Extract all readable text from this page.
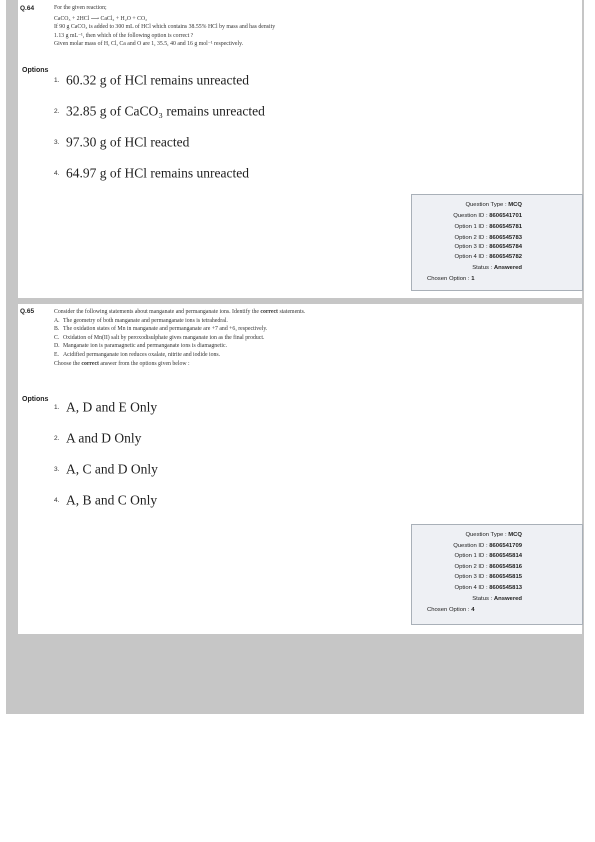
Q.64	For the given reaction;
CaCO₃ + 2HCl ⟶ CaCl₂ + H₂O + CO₂
If 90 g CaCO₃ is added to 300 mL of HCl which contains 38.55% HCl by mass and has density
1.13 g mL⁻¹, then which of the following option is correct ?
Given molar mass of H, Cl, Ca and O are 1, 35.5, 40 and 16 g mol⁻¹ respectively.
Options
1. 60.32 g of HCl remains unreacted
2. 32.85 g of CaCO₃ remains unreacted
3. 97.30 g of HCl reacted
4. 64.97 g of HCl remains unreacted
Question Type : MCQ
Question ID : 8606541701
Option 1 ID : 8606545781
Option 2 ID : 8606545783
Option 3 ID : 8606545784
Option 4 ID : 8606545782
Status : Answered
Chosen Option : 1
Q.65	Consider the following statements about manganate and permanganate ions. Identify the correct statements.
A. The geometry of both manganate and permanganate ions is tetrahedral.
B. The oxidation states of Mn in manganate and permanganate are +7 and +6, respectively.
C. Oxidation of Mn(II) salt by peroxodisulphate gives manganate ion as the final product.
D. Manganate ion is paramagnetic and permanganate ions is diamagnetic.
E. Acidified permanganate ion reduces oxalate, nitrite and iodide ions.
Choose the correct answer from the options given below :
Options
1. A, D and E Only
2. A and D Only
3. A, C and D Only
4. A, B and C Only
Question Type : MCQ
Question ID : 8606541709
Option 1 ID : 8606545814
Option 2 ID : 8606545816
Option 3 ID : 8606545815
Option 4 ID : 8606545813
Status : Answered
Chosen Option : 4
